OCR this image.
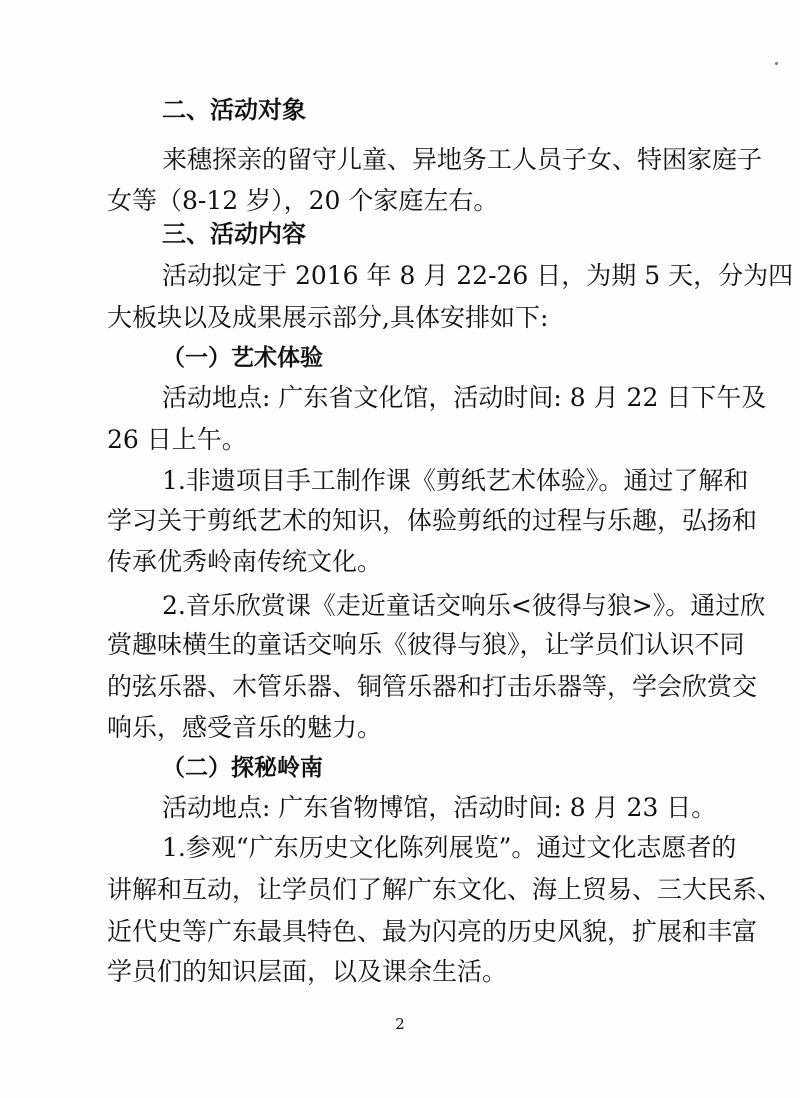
二、活动对象
来穗探亲的留守儿童、异地务工人员子女、特困家庭子
女等（8-12 岁），20 个家庭左右。
三、活动内容
活动拟定于 2016 年 8 月 22-26 日，为期 5 天，分为四
大板块以及成果展示部分,具体安排如下:
（一）艺术体验
活动地点: 广东省文化馆，活动时间: 8 月 22 日下午及
26 日上午。
1.非遗项目手工制作课《剪纸艺术体验》。通过了解和
学习关于剪纸艺术的知识，体验剪纸的过程与乐趣，弘扬和
传承优秀岭南传统文化。
2.音乐欣赏课《走近童话交响乐<彼得与狼>》。通过欣
赏趣味横生的童话交响乐《彼得与狼》，让学员们认识不同
的弦乐器、木管乐器、铜管乐器和打击乐器等，学会欣赏交
响乐，感受音乐的魅力。
（二）探秘岭南
活动地点: 广东省物博馆，活动时间: 8 月 23 日。
1.参观“广东历史文化陈列展览”。通过文化志愿者的
讲解和互动，让学员们了解广东文化、海上贸易、三大民系、
近代史等广东最具特色、最为闪亮的历史风貌，扩展和丰富
学员们的知识层面，以及课余生活。
2
